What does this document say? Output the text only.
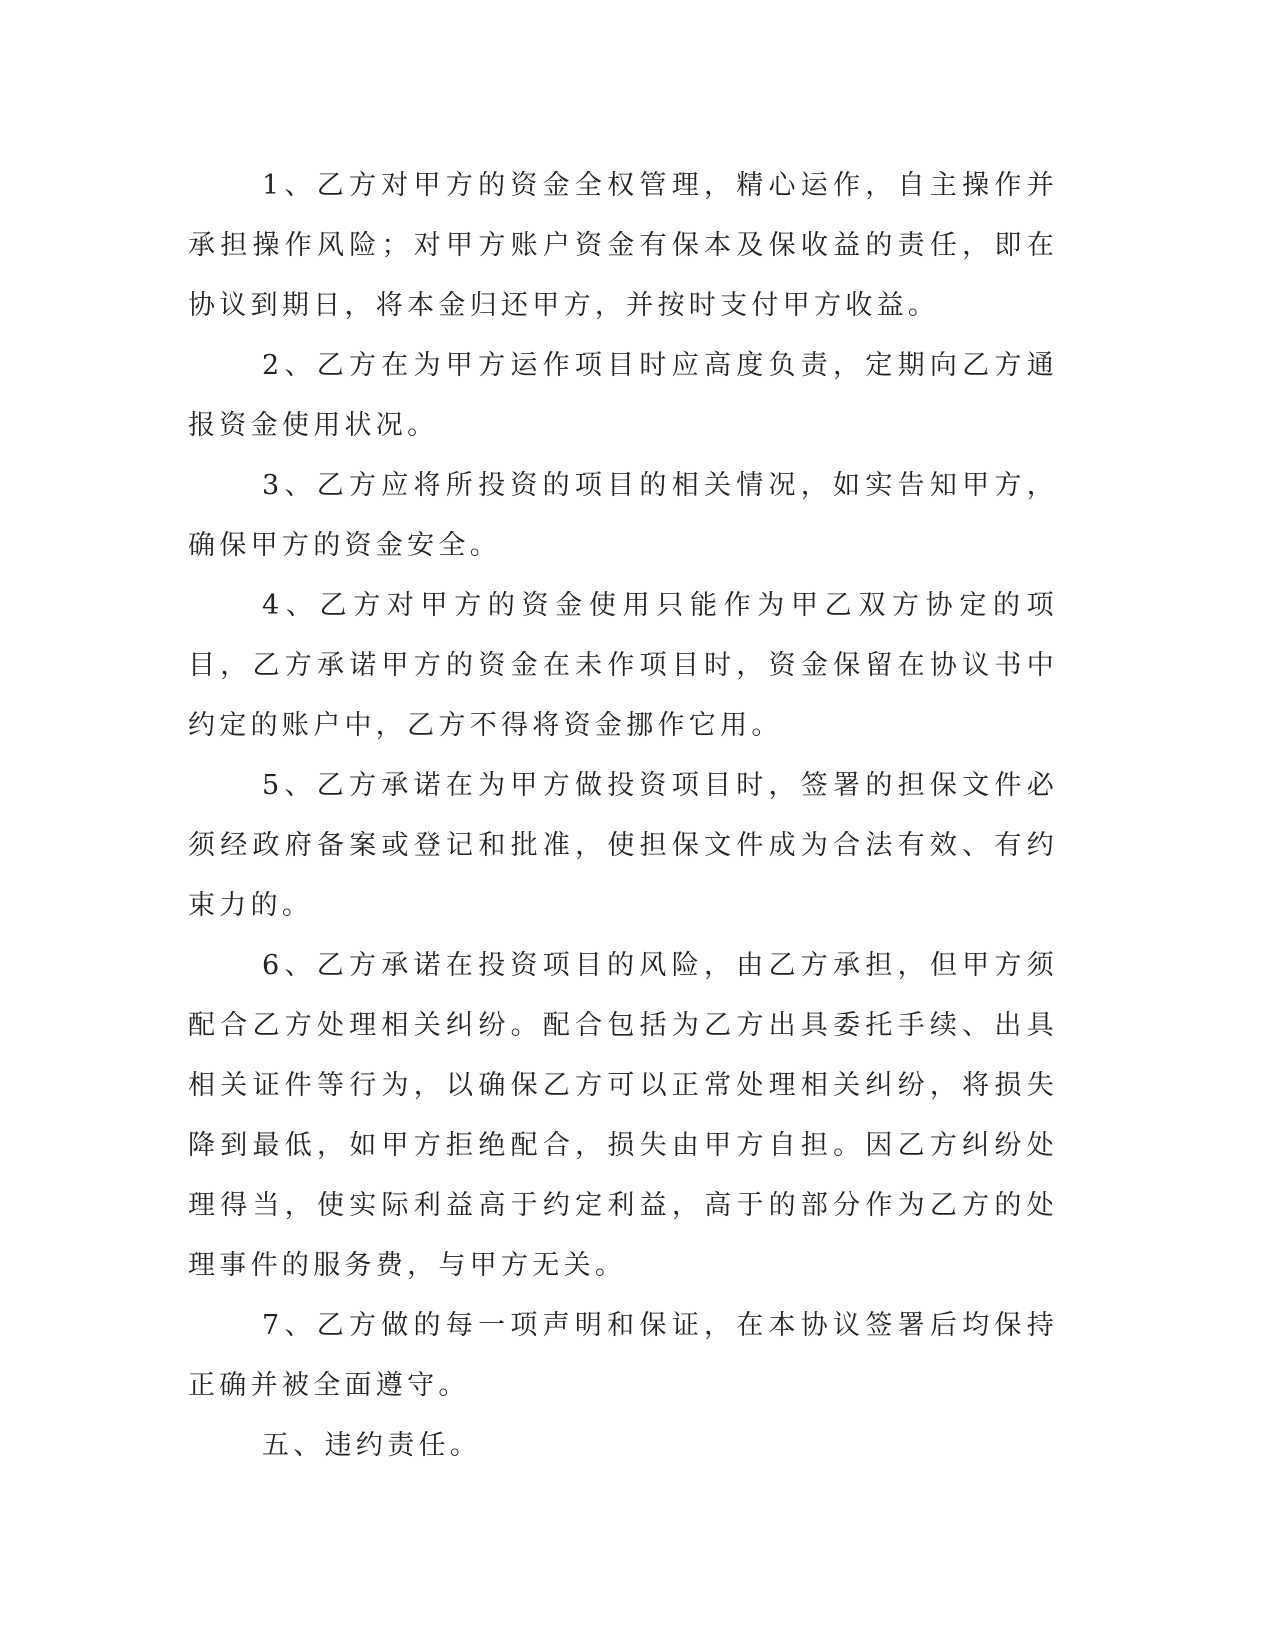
1、乙方对甲方的资金全权管理，精心运作，自主操作并承担操作风险；对甲方账户资金有保本及保收益的责任，即在协议到期日，将本金归还甲方，并按时支付甲方收益。

2、乙方在为甲方运作项目时应高度负责，定期向乙方通报资金使用状况。

3、乙方应将所投资的项目的相关情况，如实告知甲方，确保甲方的资金安全。

4、乙方对甲方的资金使用只能作为甲乙双方协定的项目，乙方承诺甲方的资金在未作项目时，资金保留在协议书中约定的账户中，乙方不得将资金挪作它用。

5、乙方承诺在为甲方做投资项目时，签署的担保文件必须经政府备案或登记和批准，使担保文件成为合法有效、有约束力的。

6、乙方承诺在投资项目的风险，由乙方承担，但甲方须配合乙方处理相关纠纷。配合包括为乙方出具委托手续、出具相关证件等行为，以确保乙方可以正常处理相关纠纷，将损失降到最低，如甲方拒绝配合，损失由甲方自担。因乙方纠纷处理得当，使实际利益高于约定利益，高于的部分作为乙方的处理事件的服务费，与甲方无关。

7、乙方做的每一项声明和保证，在本协议签署后均保持正确并被全面遵守。

五、违约责任。
